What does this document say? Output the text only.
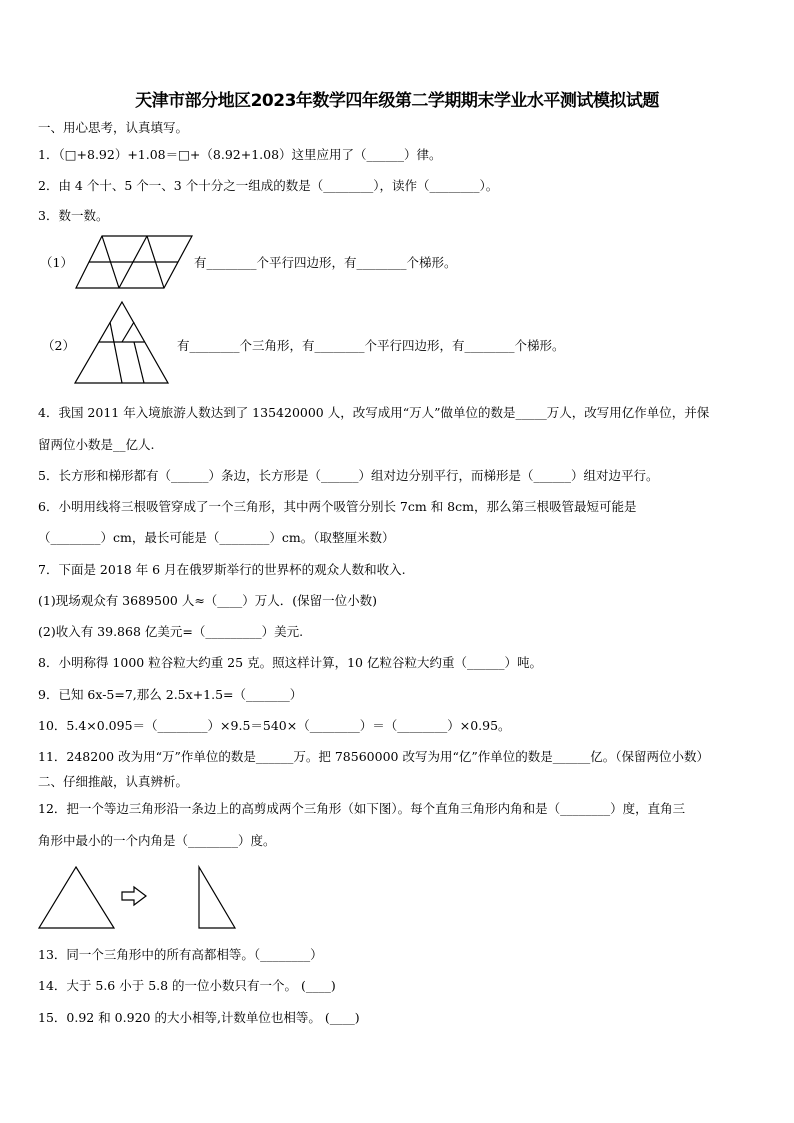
天津市部分地区2023年数学四年级第二学期期末学业水平测试模拟试题
一、用心思考，认真填写。
1．（□+8.92）+1.08＝□+（8.92+1.08）这里应用了（______）律。
2．由 4 个十、5 个一、3 个十分之一组成的数是（________），读作（________）。
3．数一数。
（1）	有________个平行四边形，有________个梯形。
（2）	有________个三角形，有________个平行四边形，有________个梯形。
4．我国 2011 年入境旅游人数达到了 135420000 人，改写成用“万人”做单位的数是_____万人，改写用亿作单位，并保
留两位小数是__亿人.
5．长方形和梯形都有（______）条边，长方形是（______）组对边分别平行，而梯形是（______）组对边平行。
6．小明用线将三根吸管穿成了一个三角形，其中两个吸管分别长 7cm 和 8cm，那么第三根吸管最短可能是
（________）cm，最长可能是（________）cm。（取整厘米数）
7．下面是 2018 年 6 月在俄罗斯举行的世界杯的观众人数和收入.
(1)现场观众有 3689500 人≈（____）万人．(保留一位小数)
(2)收入有 39.868 亿美元=（_________）美元.
8．小明称得 1000 粒谷粒大约重 25 克。照这样计算，10 亿粒谷粒大约重（______）吨。
9．已知 6x-5=7,那么 2.5x+1.5=（_______）
10．5.4×0.095＝（________）×9.5＝540×（________）＝（________）×0.95。
11．248200 改为用“万”作单位的数是______万。把 78560000 改写为用“亿”作单位的数是______亿。（保留两位小数）
二、仔细推敲，认真辨析。
12．把一个等边三角形沿一条边上的高剪成两个三角形（如下图）。每个直角三角形内角和是（________）度，直角三
角形中最小的一个内角是（________）度。
13．同一个三角形中的所有高都相等。（________）
14．大于 5.6 小于 5.8 的一位小数只有一个。 (____)
15．0.92 和 0.920 的大小相等,计数单位也相等。 (____)
